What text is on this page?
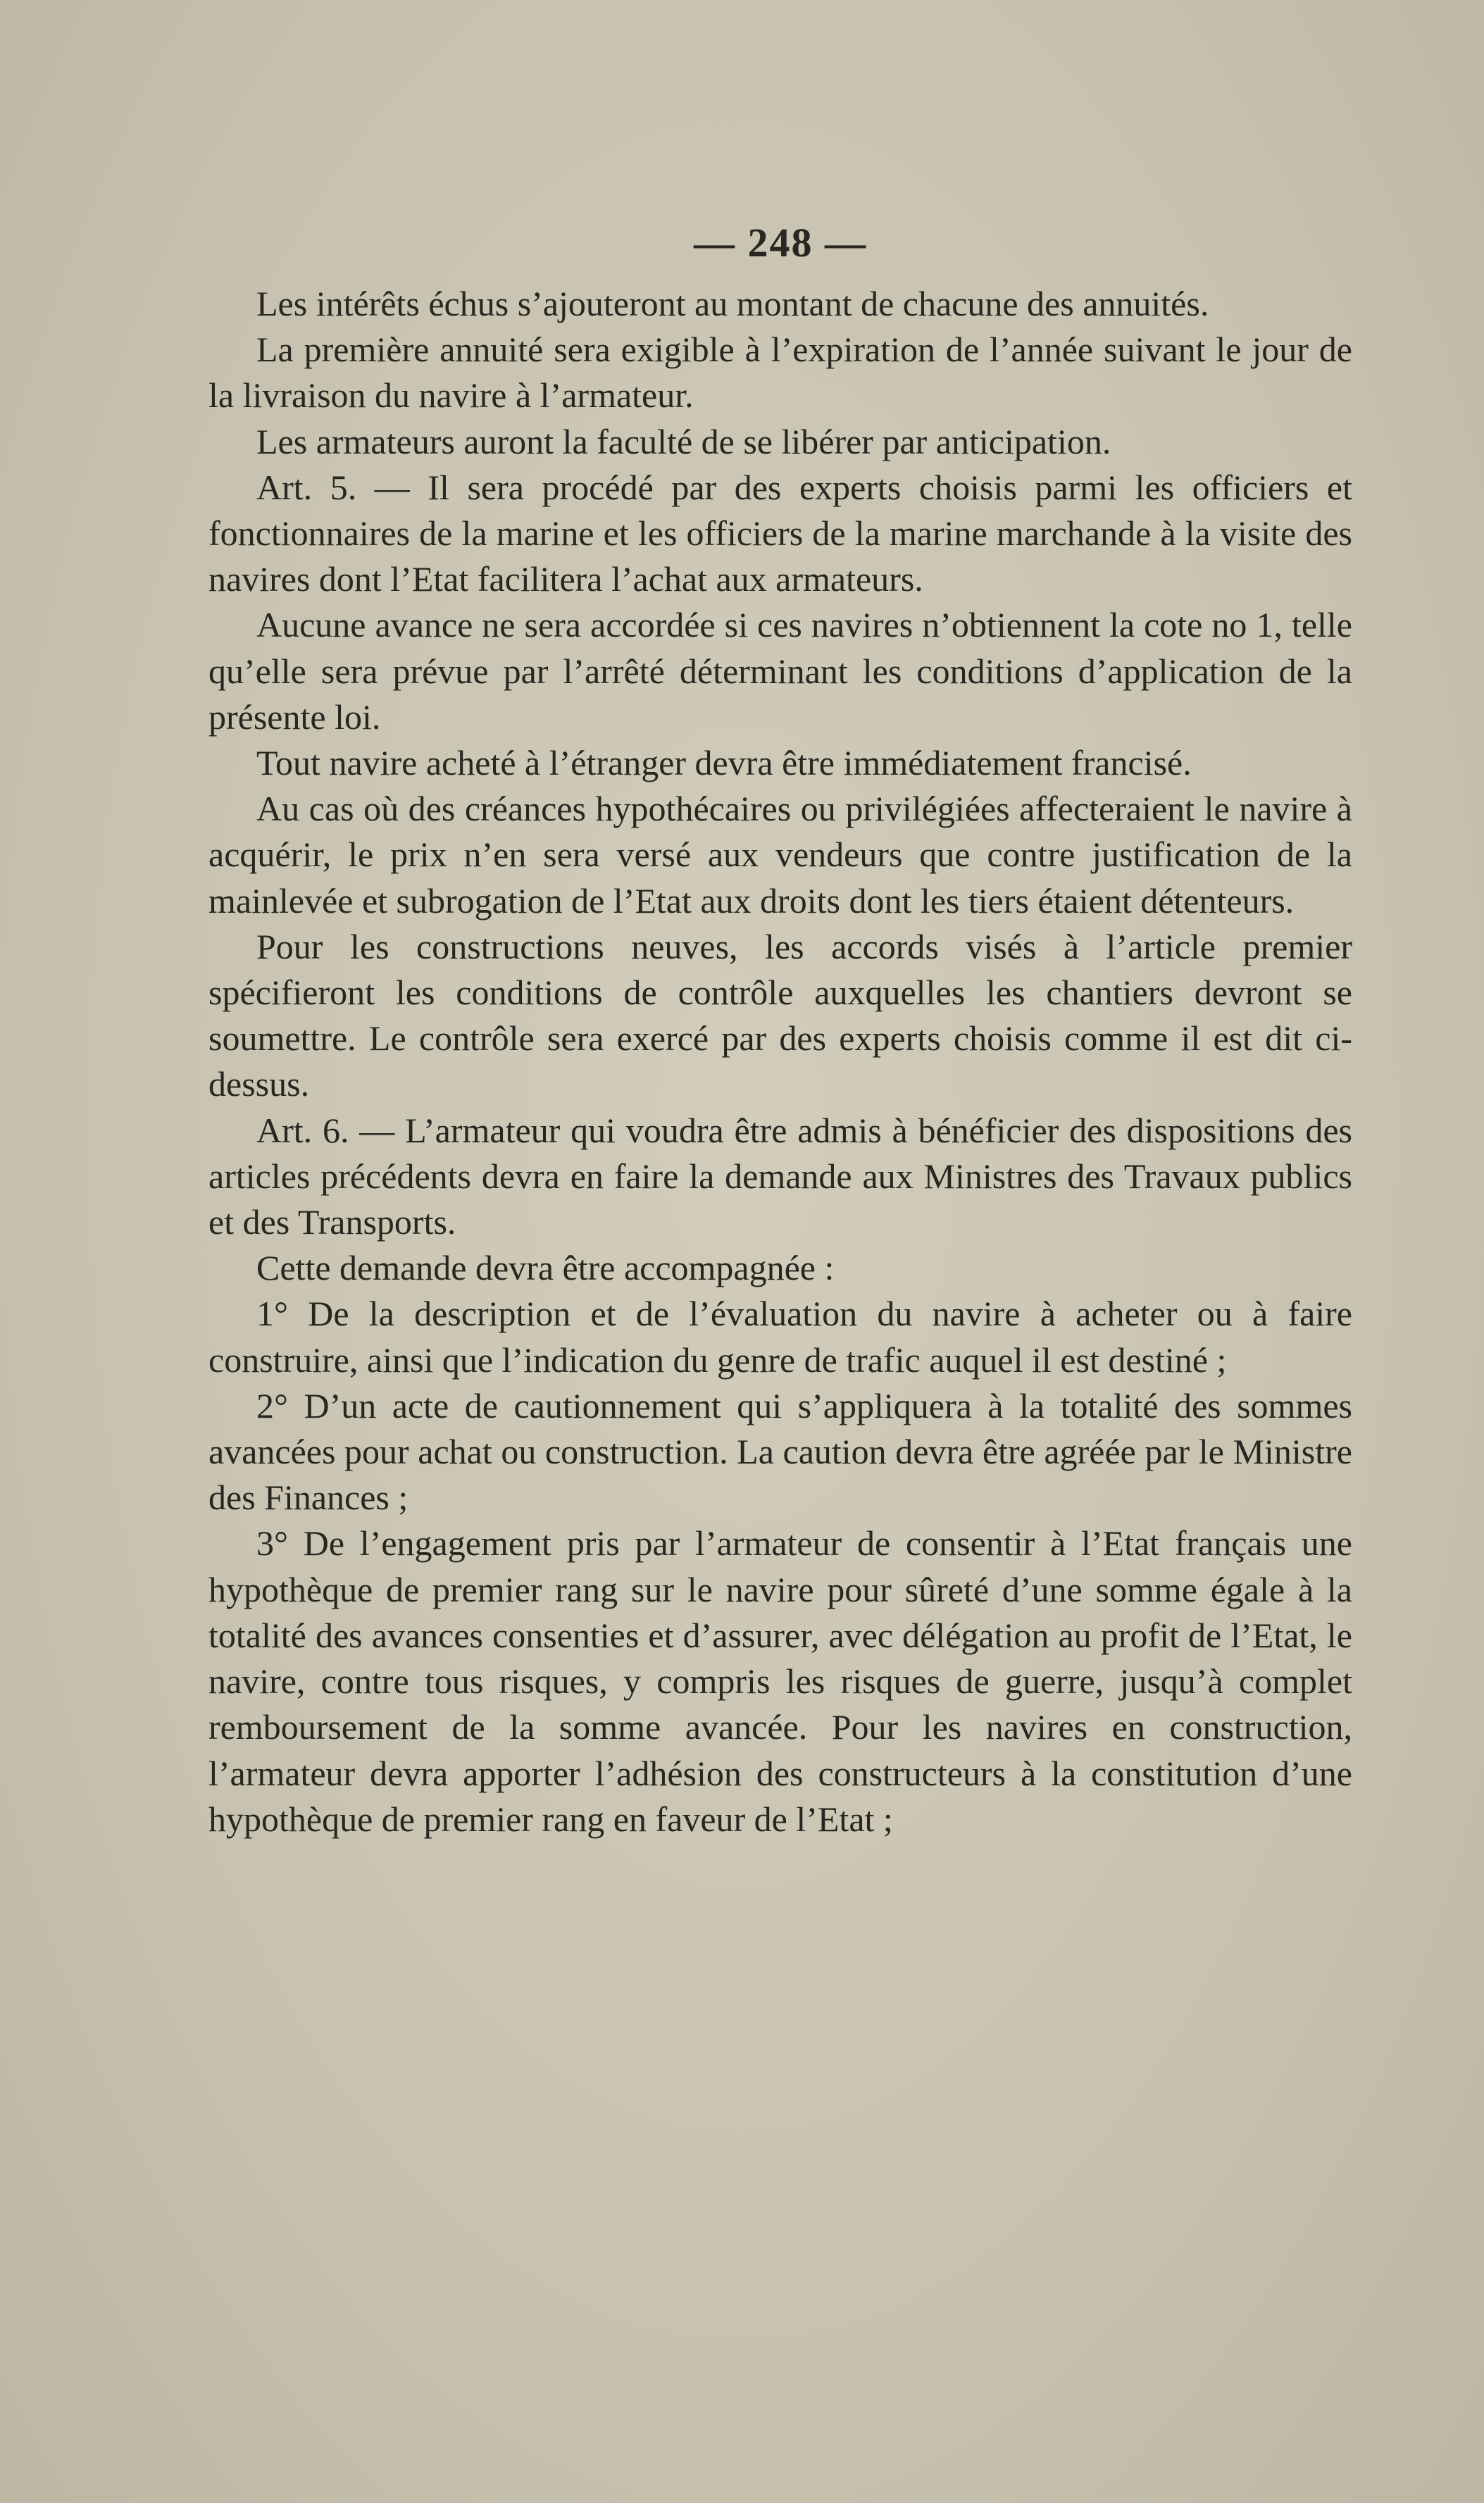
— 248 —

Les intérêts échus s’ajouteront au montant de chacune des annuités.

La première annuité sera exigible à l’expiration de l’année suivant le jour de la livraison du navire à l’armateur.

Les armateurs auront la faculté de se libérer par anticipation.

Art. 5. — Il sera procédé par des experts choisis parmi les officiers et fonctionnaires de la marine et les officiers de la marine marchande à la visite des navires dont l’Etat facilitera l’achat aux armateurs.

Aucune avance ne sera accordée si ces navires n’obtiennent la cote no 1, telle qu’elle sera prévue par l’arrêté déterminant les conditions d’application de la présente loi.

Tout navire acheté à l’étranger devra être immédiatement francisé.

Au cas où des créances hypothécaires ou privilégiées affecteraient le navire à acquérir, le prix n’en sera versé aux vendeurs que contre justification de la mainlevée et subrogation de l’Etat aux droits dont les tiers étaient détenteurs.

Pour les constructions neuves, les accords visés à l’article premier spécifieront les conditions de contrôle auxquelles les chantiers devront se soumettre. Le contrôle sera exercé par des experts choisis comme il est dit ci-dessus.

Art. 6. — L’armateur qui voudra être admis à bénéficier des dispositions des articles précédents devra en faire la demande aux Ministres des Travaux publics et des Transports.

Cette demande devra être accompagnée :

1° De la description et de l’évaluation du navire à acheter ou à faire construire, ainsi que l’indication du genre de trafic auquel il est destiné ;

2° D’un acte de cautionnement qui s’appliquera à la totalité des sommes avancées pour achat ou construction. La caution devra être agréée par le Ministre des Finances ;

3° De l’engagement pris par l’armateur de consentir à l’Etat français une hypothèque de premier rang sur le navire pour sûreté d’une somme égale à la totalité des avances consenties et d’assurer, avec délégation au profit de l’Etat, le navire, contre tous risques, y compris les risques de guerre, jusqu’à complet remboursement de la somme avancée. Pour les navires en construction, l’armateur devra apporter l’adhésion des constructeurs à la constitution d’une hypothèque de premier rang en faveur de l’Etat ;
